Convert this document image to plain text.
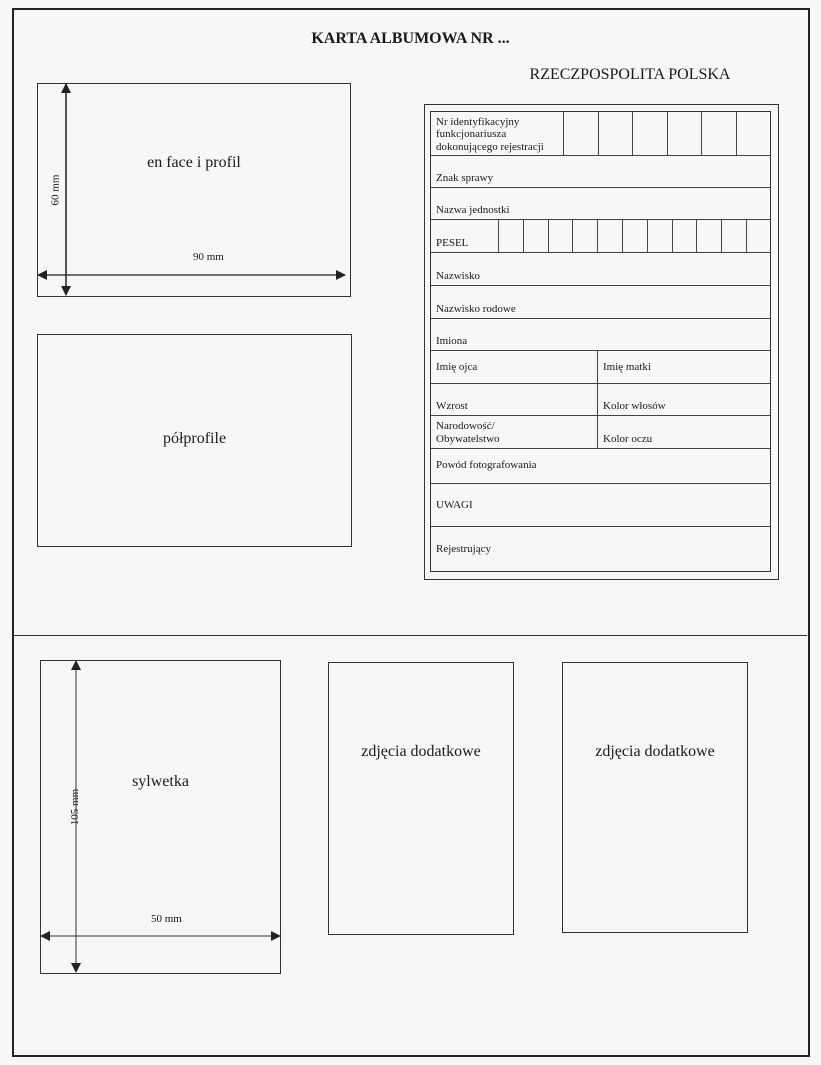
KARTA ALBUMOWA NR ...
RZECZPOSPOLITA POLSKA
en face i profil
90 mm
60 mm
półprofile
sylwetka
50 mm
105 mm
zdjęcia dodatkowe	zdjęcia dodatkowe
Nr identyfikacyjny
funkcjonariusza
dokonującego rejestracji
Znak sprawy
Nazwa jednostki
PESEL
Nazwisko
Nazwisko rodowe
Imiona
Imię ojca	Imię matki
Wzrost	Kolor włosów
Narodowość/
Obywatelstwo	Kolor oczu
Powód fotografowania
UWAGI
Rejestrujący
